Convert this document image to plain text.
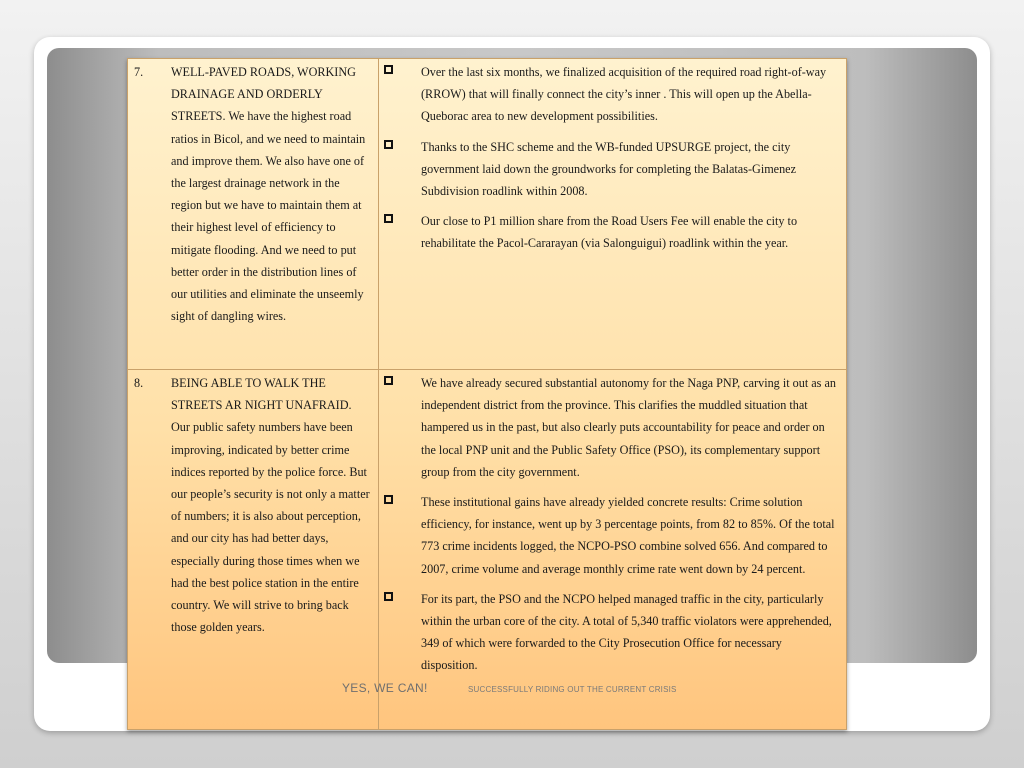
7. WELL-PAVED ROADS, WORKING DRAINAGE AND ORDERLY STREETS. We have the highest road ratios in Bicol, and we need to maintain and improve them. We also have one of the largest drainage network in the region but we have to maintain them at their highest level of efficiency to mitigate flooding. And we need to put better order in the distribution lines of our utilities and eliminate the unseemly sight of dangling wires.
Over the last six months, we finalized acquisition of the required road right-of-way (RROW) that will finally connect the city’s inner . This will open up the Abella-Queborac area to new development possibilities.
Thanks to the SHC scheme and the WB-funded UPSURGE project, the city government laid down the groundworks for completing the Balatas-Gimenez Subdivision roadlink within 2008.
Our close to P1 million share from the Road Users Fee will enable the city to rehabilitate the Pacol-Cararayan (via Salonguigui) roadlink within the year.
8. BEING ABLE TO WALK THE STREETS AR NIGHT UNAFRAID. Our public safety numbers have been improving, indicated by better crime indices reported by the police force. But our people’s security is not only a matter of numbers; it is also about perception, and our city has had better days, especially during those times when we had the best police station in the entire country. We will strive to bring back those golden years.
We have already secured substantial autonomy for the Naga PNP, carving it out as an independent district from the province. This clarifies the muddled situation that hampered us in the past, but also clearly puts accountability for peace and order on the local PNP unit and the Public Safety Office (PSO), its complementary support group from the city government.
These institutional gains have already yielded concrete results: Crime solution efficiency, for instance, went up by 3 percentage points, from 82 to 85%. Of the total 773 crime incidents logged, the NCPO-PSO combine solved 656. And compared to 2007, crime volume and average monthly crime rate went down by 24 percent.
For its part, the PSO and the NCPO helped managed traffic in the city, particularly within the urban core of the city. A total of 5,340 traffic violators were apprehended, 349 of which were forwarded to the City Prosecution Office for necessary disposition.
YES, WE CAN!	SUCCESSFULLY RIDING OUT THE CURRENT CRISIS
